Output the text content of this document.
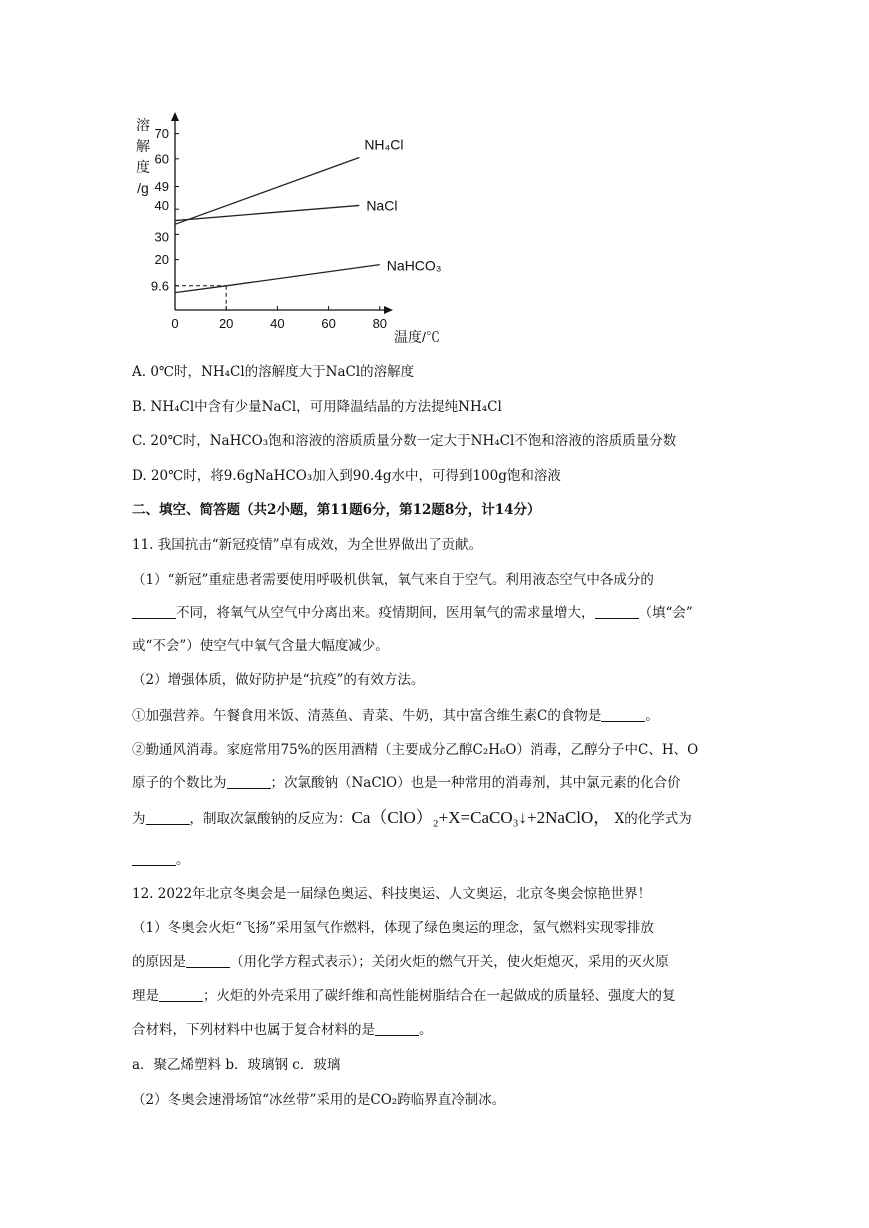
0	20	40	60	80
9.6
20
30
40
49
60
70
溶
解
度
/g
温度/℃
NH₄Cl
NaCl
NaHCO₃
A. 0℃时，NH₄Cl的溶解度大于NaCl的溶解度
B. NH₄Cl中含有少量NaCl，可用降温结晶的方法提纯NH₄Cl
C. 20℃时，NaHCO₃饱和溶液的溶质质量分数一定大于NH₄Cl不饱和溶液的溶质质量分数
D. 20℃时，将9.6gNaHCO₃加入到90.4g水中，可得到100g饱和溶液
二、填空、简答题（共2小题，第11题6分，第12题8分，计14分）
11. 我国抗击“新冠疫情”卓有成效，为全世界做出了贡献。
（1）“新冠”重症患者需要使用呼吸机供氧，氧气来自于空气。利用液态空气中各成分的
不同，将氧气从空气中分离出来。疫情期间，医用氧气的需求量增大，	（填“会”
或“不会”）使空气中氧气含量大幅度减少。
（2）增强体质，做好防护是“抗疫”的有效方法。
①加强营养。午餐食用米饭、清蒸鱼、青菜、牛奶，其中富含维生素C的食物是	。
②勤通风消毒。家庭常用75%的医用酒精（主要成分乙醇C₂H₆O）消毒，乙醇分子中C、H、O
原子的个数比为	；次氯酸钠（NaClO）也是一种常用的消毒剂，其中氯元素的化合价
为	，制取次氯酸钠的反应为：Ca（ClO）₂+X=CaCO₃↓+2NaClO， X的化学式为
。
12. 2022年北京冬奥会是一届绿色奥运、科技奥运、人文奥运，北京冬奥会惊艳世界！
（1）冬奥会火炬“飞扬”采用氢气作燃料，体现了绿色奥运的理念，氢气燃料实现零排放
的原因是	（用化学方程式表示）；关闭火炬的燃气开关，使火炬熄灭，采用的灭火原
理是	；火炬的外壳采用了碳纤维和高性能树脂结合在一起做成的质量轻、强度大的复
合材料，下列材料中也属于复合材料的是	。
a．聚乙烯塑料 b．玻璃钢 c．玻璃
（2）冬奥会速滑场馆“冰丝带”采用的是CO₂跨临界直冷制冰。
